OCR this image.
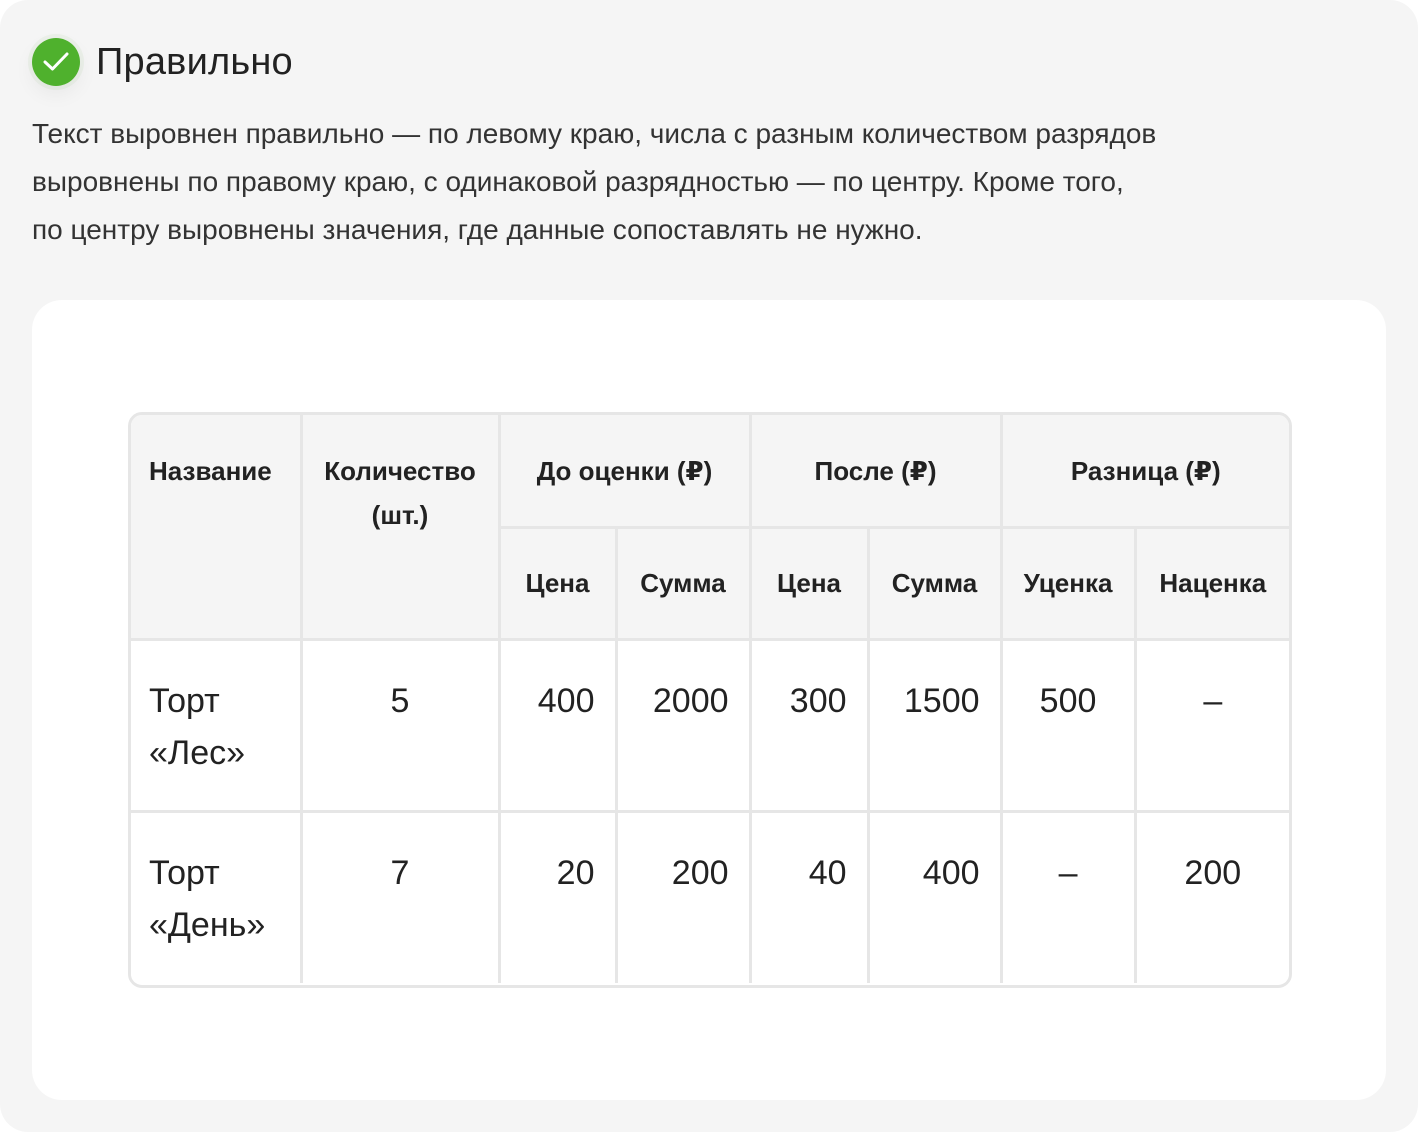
Правильно

Текст выровнен правильно — по левому краю, числа с разным количеством разрядов
выровнены по правому краю, с одинаковой разрядностью — по центру. Кроме того,
по центру выровнены значения, где данные сопоставлять не нужно.

Название	Количество (шт.)	До оценки (₽)		После (₽)		Разница (₽)	
		Цена	Сумма	Цена	Сумма	Уценка	Наценка

Торт
«Лес»	5	400	2000	300	1500	500	–

Торт
«День»	7	20	200	40	400	–	200
